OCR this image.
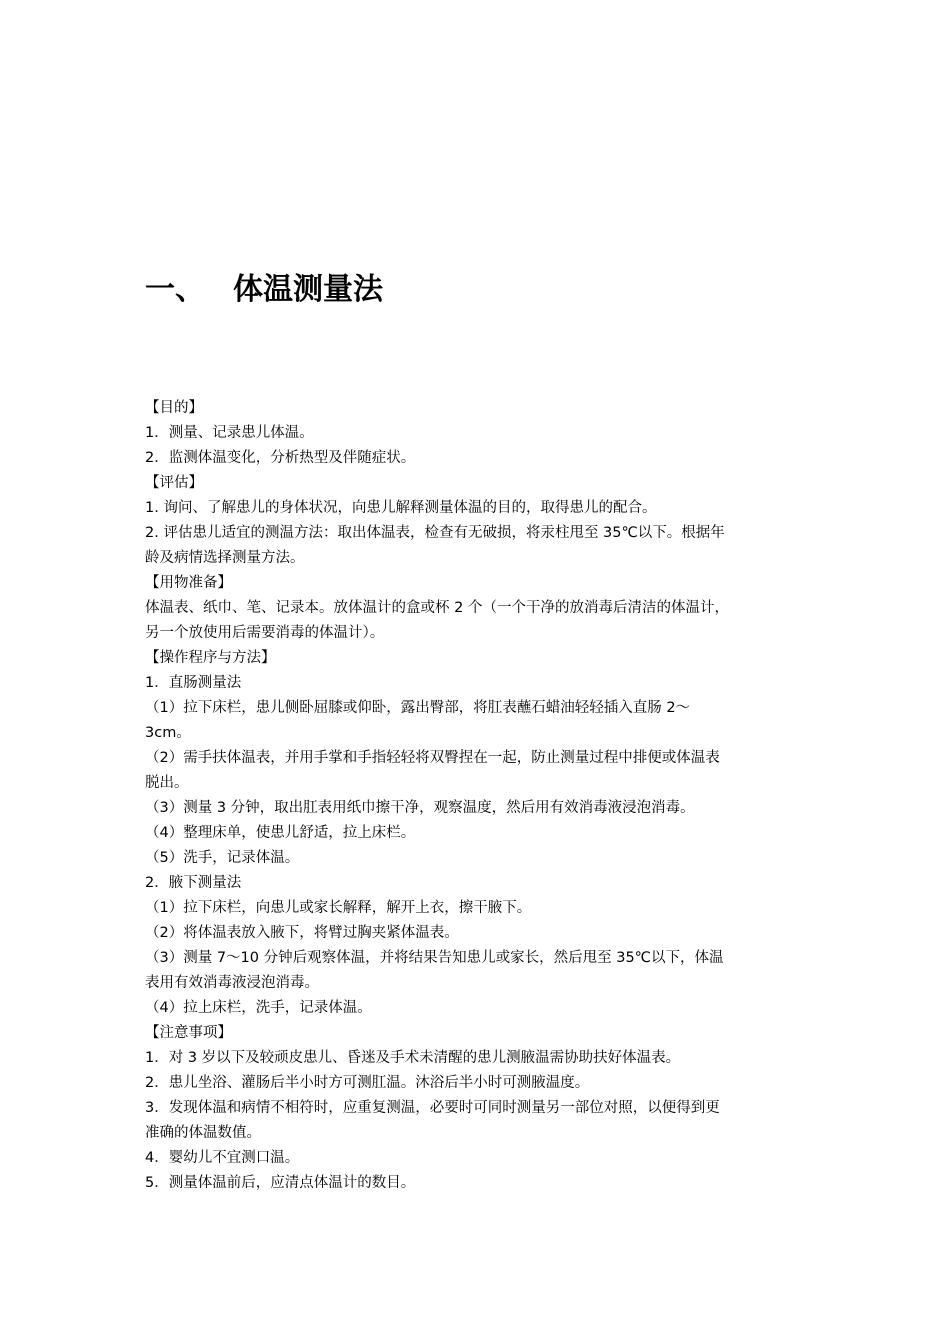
一、 体温测量法
【目的】
1．测量、记录患儿体温。
2．监测体温变化，分析热型及伴随症状。
【评估】
1. 询问、了解患儿的身体状况，向患儿解释测量体温的目的，取得患儿的配合。
2. 评估患儿适宜的测温方法：取出体温表，检查有无破损，将汞柱甩至 35℃以下。根据年
龄及病情选择测量方法。
【用物准备】
体温表、纸巾、笔、记录本。放体温计的盒或杯 2 个（一个干净的放消毒后清洁的体温计，
另一个放使用后需要消毒的体温计）。
【操作程序与方法】
1．直肠测量法
（1）拉下床栏，患儿侧卧屈膝或仰卧，露出臀部，将肛表蘸石蜡油轻轻插入直肠 2～
3cm。
（2）需手扶体温表，并用手掌和手指轻轻将双臀捏在一起，防止测量过程中排便或体温表
脱出。
（3）测量 3 分钟，取出肛表用纸巾擦干净，观察温度，然后用有效消毒液浸泡消毒。
（4）整理床单，使患儿舒适，拉上床栏。
（5）洗手，记录体温。
2．腋下测量法
（1）拉下床栏，向患儿或家长解释，解开上衣，擦干腋下。
（2）将体温表放入腋下，将臂过胸夹紧体温表。
（3）测量 7～10 分钟后观察体温，并将结果告知患儿或家长，然后甩至 35℃以下，体温
表用有效消毒液浸泡消毒。
（4）拉上床栏，洗手，记录体温。
【注意事项】
1．对 3 岁以下及较顽皮患儿、昏迷及手术未清醒的患儿测腋温需协助扶好体温表。
2．患儿坐浴、灌肠后半小时方可测肛温。沐浴后半小时可测腋温度。
3．发现体温和病情不相符时，应重复测温，必要时可同时测量另一部位对照，以便得到更
准确的体温数值。
4．婴幼儿不宜测口温。
5．测量体温前后，应清点体温计的数目。
